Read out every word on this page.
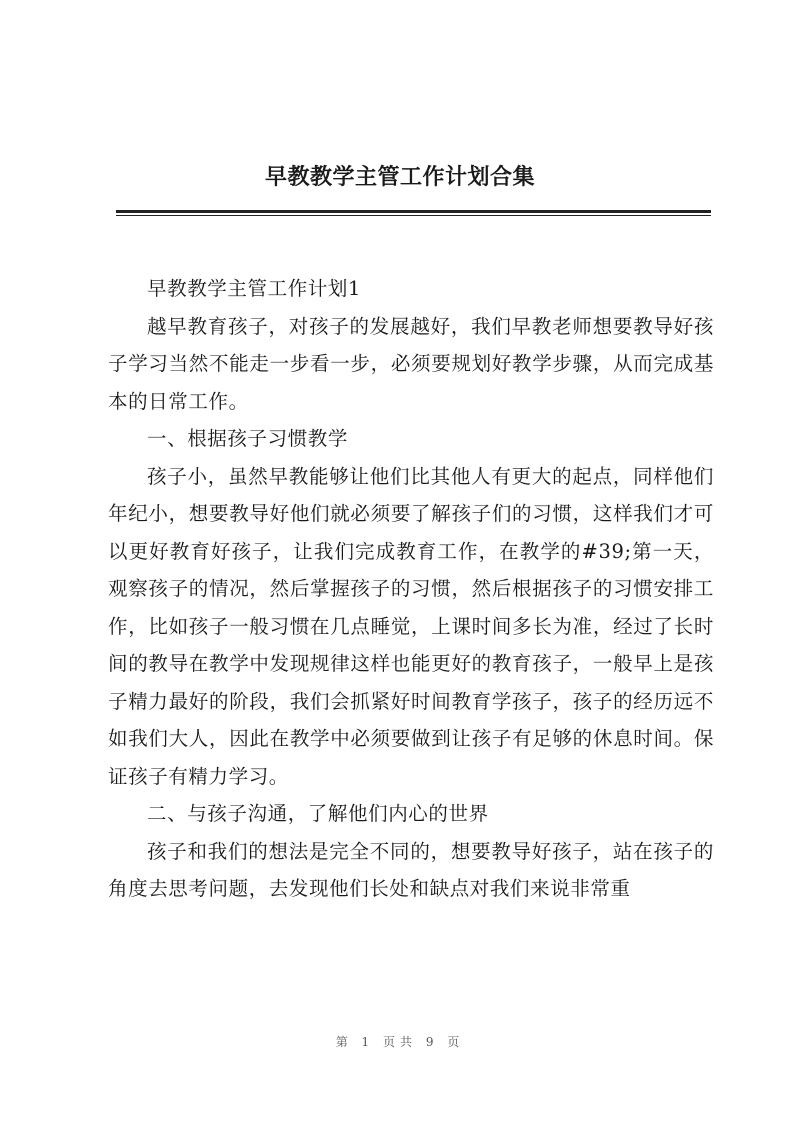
早教教学主管工作计划合集

早教教学主管工作计划1

越早教育孩子，对孩子的发展越好，我们早教老师想要教导好孩子学习当然不能走一步看一步，必须要规划好教学步骤，从而完成基本的日常工作。

一、根据孩子习惯教学

孩子小，虽然早教能够让他们比其他人有更大的起点，同样他们年纪小，想要教导好他们就必须要了解孩子们的习惯，这样我们才可以更好教育好孩子，让我们完成教育工作，在教学的#39;第一天，观察孩子的情况，然后掌握孩子的习惯，然后根据孩子的习惯安排工作，比如孩子一般习惯在几点睡觉，上课时间多长为准，经过了长时间的教导在教学中发现规律这样也能更好的教育孩子，一般早上是孩子精力最好的阶段，我们会抓紧好时间教育学孩子，孩子的经历远不如我们大人，因此在教学中必须要做到让孩子有足够的休息时间。保证孩子有精力学习。

二、与孩子沟通，了解他们内心的世界

孩子和我们的想法是完全不同的，想要教导好孩子，站在孩子的角度去思考问题，去发现他们长处和缺点对我们来说非常重

第 1 页共 9 页
